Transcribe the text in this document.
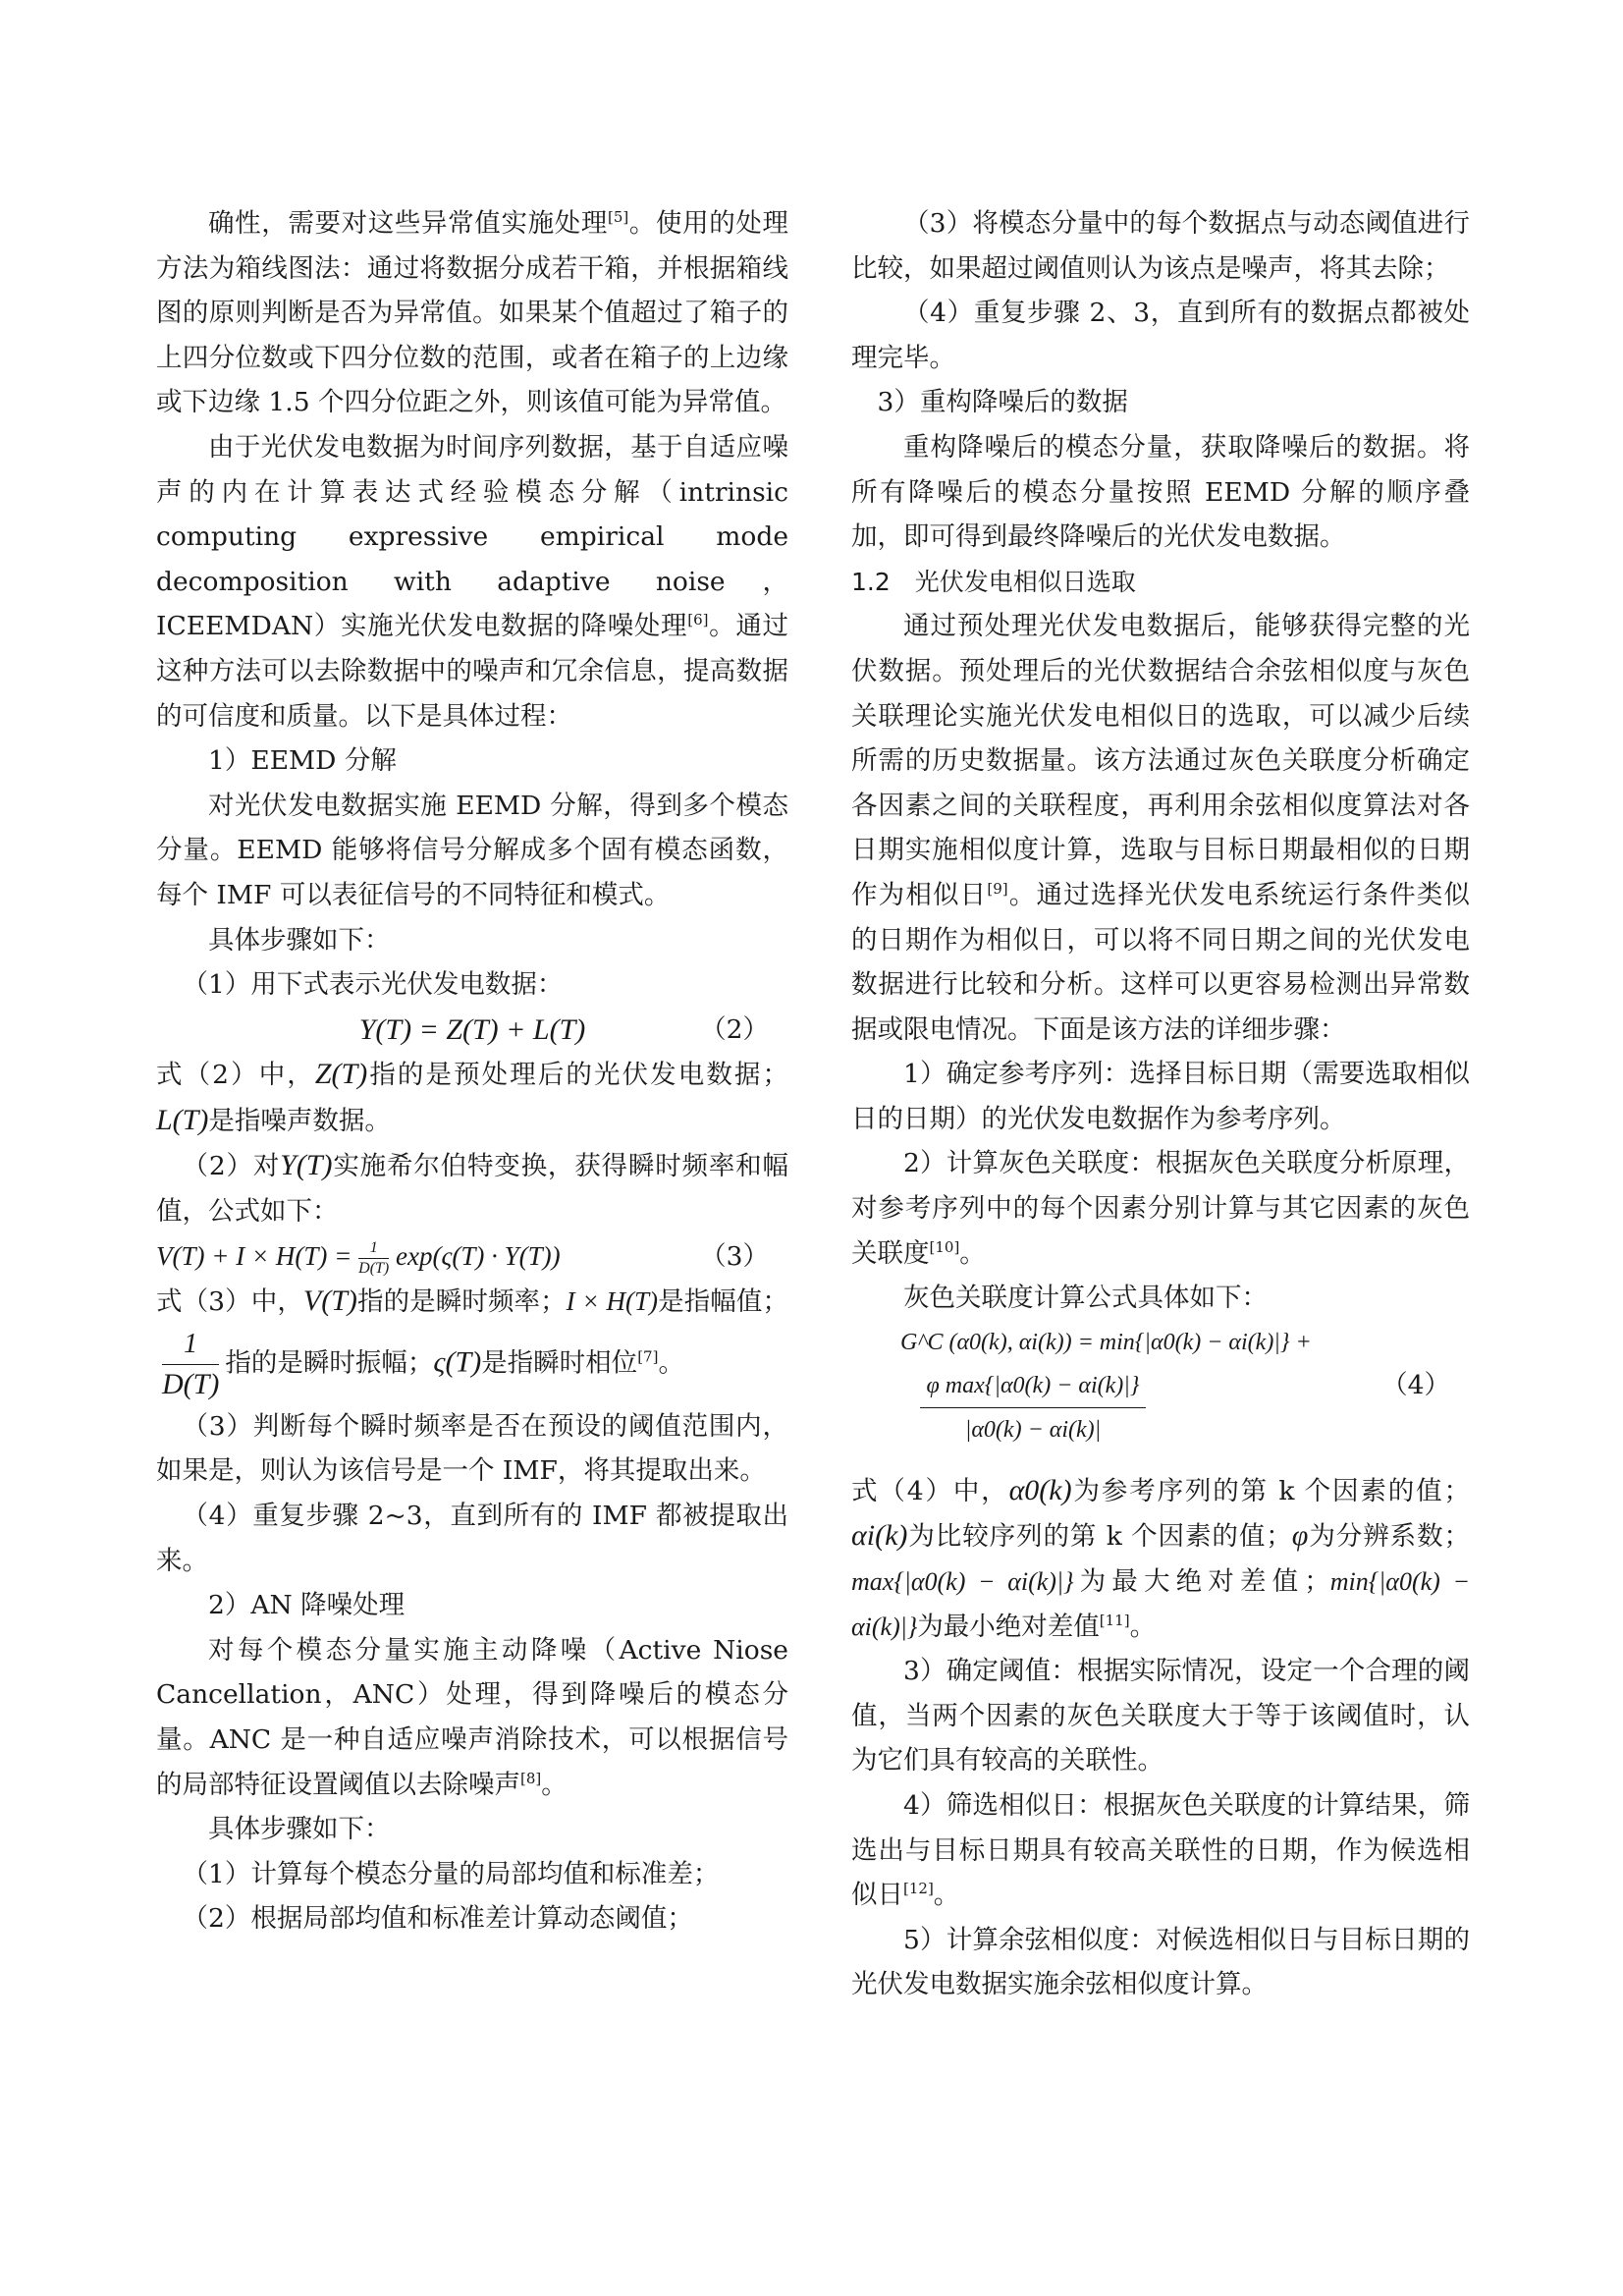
确性，需要对这些异常值实施处理[5]。使用的处理方法为箱线图法：通过将数据分成若干箱，并根据箱线图的原则判断是否为异常值。如果某个值超过了箱子的上四分位数或下四分位数的范围，或者在箱子的上边缘或下边缘 1.5 个四分位距之外，则该值可能为异常值。

由于光伏发电数据为时间序列数据，基于自适应噪声的内在计算表达式经验模态分解（intrinsic computing expressive empirical mode decomposition with adaptive noise，ICEEMDAN）实施光伏发电数据的降噪处理[6]。通过这种方法可以去除数据中的噪声和冗余信息，提高数据的可信度和质量。以下是具体过程：

1）EEMD 分解

对光伏发电数据实施 EEMD 分解，得到多个模态分量。EEMD 能够将信号分解成多个固有模态函数，每个 IMF 可以表征信号的不同特征和模式。

具体步骤如下：

（1）用下式表示光伏发电数据：

Y(T) = Z(T) + L(T)	（2）

式（2）中，Z(T)指的是预处理后的光伏发电数据；L(T)是指噪声数据。

（2）对Y(T)实施希尔伯特变换，获得瞬时频率和幅值，公式如下：

$V(T) + I \times H(T) = \frac{1}{D(T)} \exp(\varsigma(T) \cdot Y(T))$	（3）

式（3）中，V(T)指的是瞬时频率；I × H(T)是指幅值；
$\frac{1}{D(T)}$ 指的是瞬时振幅；ς(T)是指瞬时相位[7]。

（3）判断每个瞬时频率是否在预设的阈值范围内，如果是，则认为该信号是一个 IMF，将其提取出来。

（4）重复步骤 2~3，直到所有的 IMF 都被提取出来。

2）AN 降噪处理

对每个模态分量实施主动降噪（Active Niose Cancellation，ANC）处理，得到降噪后的模态分量。ANC 是一种自适应噪声消除技术，可以根据信号的局部特征设置阈值以去除噪声[8]。

具体步骤如下：

（1）计算每个模态分量的局部均值和标准差；

（2）根据局部均值和标准差计算动态阈值；

（3）将模态分量中的每个数据点与动态阈值进行比较，如果超过阈值则认为该点是噪声，将其去除；

（4）重复步骤 2、3，直到所有的数据点都被处理完毕。

3）重构降噪后的数据

重构降噪后的模态分量，获取降噪后的数据。将所有降噪后的模态分量按照 EEMD 分解的顺序叠加，即可得到最终降噪后的光伏发电数据。

1.2　光伏发电相似日选取

通过预处理光伏发电数据后，能够获得完整的光伏数据。预处理后的光伏数据结合余弦相似度与灰色关联理论实施光伏发电相似日的选取，可以减少后续所需的历史数据量。该方法通过灰色关联度分析确定各因素之间的关联程度，再利用余弦相似度算法对各日期实施相似度计算，选取与目标日期最相似的日期作为相似日[9]。通过选择光伏发电系统运行条件类似的日期作为相似日，可以将不同日期之间的光伏发电数据进行比较和分析。这样可以更容易检测出异常数据或限电情况。下面是该方法的详细步骤：

1）确定参考序列：选择目标日期（需要选取相似日的日期）的光伏发电数据作为参考序列。

2）计算灰色关联度：根据灰色关联度分析原理，对参考序列中的每个因素分别计算与其它因素的灰色关联度[10]。

灰色关联度计算公式具体如下：

G^C (α0(k), αi(k)) = min{|α0(k) − αi(k)|} +
φ max{|α0(k) − αi(k)|}
|α0(k) − αi(k)|
（4）

式（4）中，α0(k)为参考序列的第 k 个因素的值；αi(k)为比较序列的第 k 个因素的值；φ为分辨系数；max{|α0(k) − αi(k)|}为最大绝对差值；min{|α0(k) − αi(k)|}为最小绝对差值[11]。

3）确定阈值：根据实际情况，设定一个合理的阈值，当两个因素的灰色关联度大于等于该阈值时，认为它们具有较高的关联性。

4）筛选相似日：根据灰色关联度的计算结果，筛选出与目标日期具有较高关联性的日期，作为候选相似日[12]。

5）计算余弦相似度：对候选相似日与目标日期的光伏发电数据实施余弦相似度计算。
